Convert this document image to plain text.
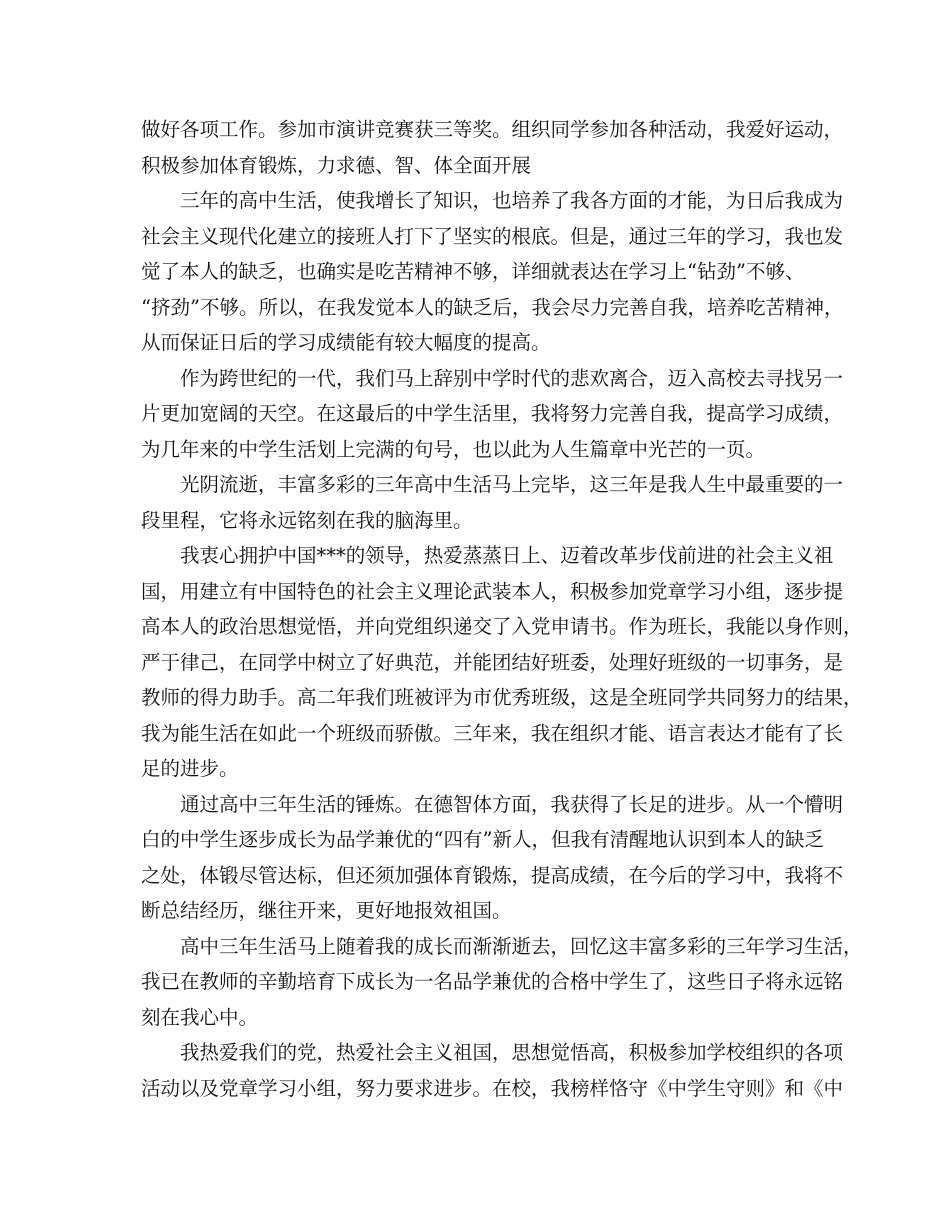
做好各项工作。参加市演讲竞赛获三等奖。组织同学参加各种活动，我爱好运动，
积极参加体育锻炼，力求德、智、体全面开展
三年的高中生活，使我增长了知识，也培养了我各方面的才能，为日后我成为
社会主义现代化建立的接班人打下了坚实的根底。但是，通过三年的学习，我也发
觉了本人的缺乏，也确实是吃苦精神不够，详细就表达在学习上“钻劲”不够、
“挤劲”不够。所以，在我发觉本人的缺乏后，我会尽力完善自我，培养吃苦精神，
从而保证日后的学习成绩能有较大幅度的提高。
作为跨世纪的一代，我们马上辞别中学时代的悲欢离合，迈入高校去寻找另一
片更加宽阔的天空。在这最后的中学生活里，我将努力完善自我，提高学习成绩，
为几年来的中学生活划上完满的句号，也以此为人生篇章中光芒的一页。
光阴流逝，丰富多彩的三年高中生活马上完毕，这三年是我人生中最重要的一
段里程，它将永远铭刻在我的脑海里。
我衷心拥护中国***的领导，热爱蒸蒸日上、迈着改革步伐前进的社会主义祖
国，用建立有中国特色的社会主义理论武装本人，积极参加党章学习小组，逐步提
高本人的政治思想觉悟，并向党组织递交了入党申请书。作为班长，我能以身作则，
严于律己，在同学中树立了好典范，并能团结好班委，处理好班级的一切事务，是
教师的得力助手。高二年我们班被评为市优秀班级，这是全班同学共同努力的结果，
我为能生活在如此一个班级而骄傲。三年来，我在组织才能、语言表达才能有了长
足的进步。
通过高中三年生活的锤炼。在德智体方面，我获得了长足的进步。从一个懵明
白的中学生逐步成长为品学兼优的“四有”新人，但我有清醒地认识到本人的缺乏
之处，体锻尽管达标，但还须加强体育锻炼，提高成绩，在今后的学习中，我将不
断总结经历，继往开来，更好地报效祖国。
高中三年生活马上随着我的成长而渐渐逝去，回忆这丰富多彩的三年学习生活，
我已在教师的辛勤培育下成长为一名品学兼优的合格中学生了，这些日子将永远铭
刻在我心中。
我热爱我们的党，热爱社会主义祖国，思想觉悟高，积极参加学校组织的各项
活动以及党章学习小组，努力要求进步。在校，我榜样恪守《中学生守则》和《中
